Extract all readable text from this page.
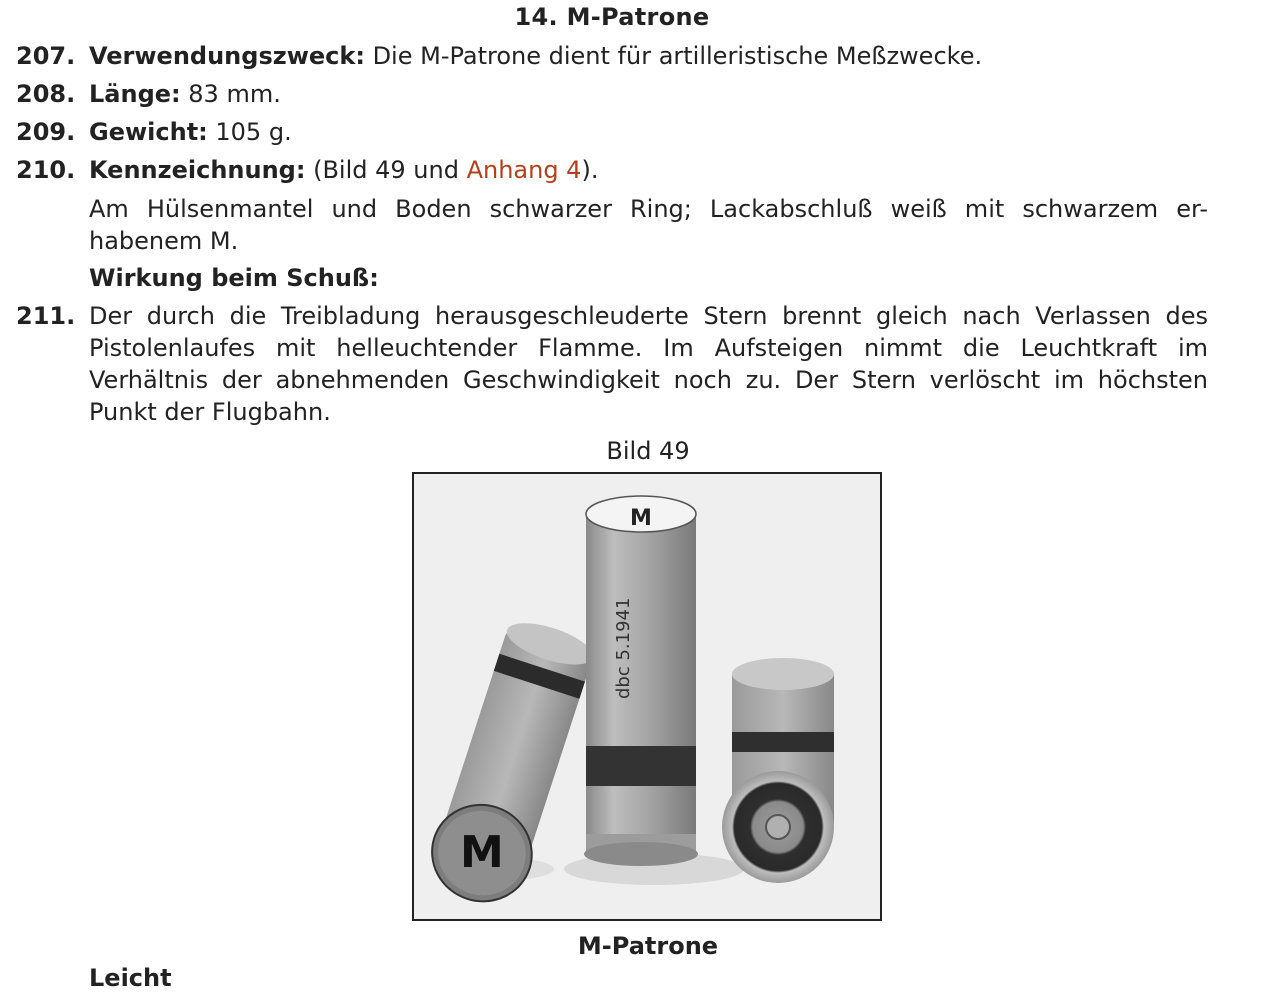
14. M-Patrone
207. Verwendungszweck: Die M-Patrone dient für artilleristische Meßzwecke.
208. Länge: 83 mm.
209. Gewicht: 105 g.
210. Kennzeichnung: (Bild 49 und Anhang 4).
Am Hülsenmantel und Boden schwarzer Ring; Lackabschluß weiß mit schwarzem er-habenem M.
Wirkung beim Schuß:
211. Der durch die Treibladung herausgeschleuderte Stern brennt gleich nach Verlassen des Pistolenlaufes mit helleuchtender Flamme. Im Aufsteigen nimmt die Leuchtkraft im Verhältnis der abnehmenden Geschwindigkeit noch zu. Der Stern verlöscht im höchsten Punkt der Flugbahn.
Bild 49
M
M
dbc 5.1941
M-Patrone
Leicht
